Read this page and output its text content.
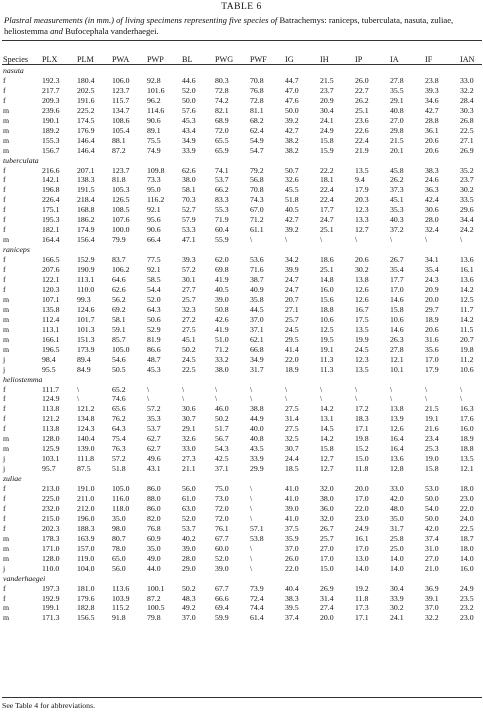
TABLE 6
Plastral measurements (in mm.) of living specimens representing five species of Batrachemys: raniceps, tuberculata, nasuta, zuliae, heliostemma and Bufocephala vanderhaegei.
Species	PLX	PLM	PWA	PWP	BL	PWG	PWF	IG	IH	IP	IA	IF	IAN
nasuta													
f	192.3	180.4	106.0	92.8	44.6	80.3	70.8	44.7	21.5	26.0	27.8	23.8	33.0
f	217.7	202.5	123.7	101.6	52.0	72.8	76.8	47.0	23.7	22.7	35.5	39.3	32.2
f	209.3	191.6	115.7	96.2	50.0	74.2	72.8	47.6	20.9	26.2	29.1	34.6	28.4
m	239.6	225.2	134.7	114.6	57.6	82.1	81.1	50.0	30.4	25.1	40.8	42.7	30.3
m	190.1	174.5	108.6	90.6	45.3	68.9	68.2	39.2	24.1	23.6	27.0	28.8	26.8
m	189.2	176.9	105.4	89.1	43.4	72.0	62.4	42.7	24.9	22.6	29.8	36.1	22.5
m	155.3	146.4	88.1	75.5	34.9	65.5	54.9	38.2	15.8	22.4	21.5	20.6	27.1
m	156.7	146.4	87.2	74.9	33.9	65.9	54.7	38.2	15.9	21.9	20.1	20.6	26.9
tuberculata													
f	216.6	207.1	123.7	109.8	62.6	74.1	79.2	50.7	22.2	13.5	45.8	38.3	35.2
f	142.1	138.3	81.8	73.3	38.0	53.7	56.8	32.6	18.1	9.4	26.2	24.6	23.7
f	196.8	191.5	105.3	95.0	58.1	66.2	70.8	45.5	22.4	17.9	37.3	36.3	30.2
f	226.4	218.4	126.5	116.2	70.3	83.3	74.3	51.8	22.4	20.3	45.1	42.4	33.5
f	175.1	168.8	108.5	92.1	52.7	55.3	67.0	40.5	17.7	12.3	35.3	30.6	29.6
f	195.3	186.2	107.6	95.6	57.9	71.9	71.2	42.7	24.7	13.3	40.3	28.0	34.4
f	182.1	174.9	100.0	90.6	53.3	60.4	61.1	39.2	25.1	12.7	37.2	32.4	24.2
m	164.4	156.4	79.9	66.4	47.1	55.9	\	\	\	\	\	\	\
raniceps													
f	166.5	152.9	83.7	77.5	39.3	62.0	53.6	34.2	18.6	20.6	26.7	34.1	13.6
f	207.6	190.9	106.2	92.1	57.2	69.8	71.6	39.9	25.1	30.2	35.4	35.4	16.1
f	122.1	113.1	64.6	58.5	30.1	41.9	38.7	24.7	14.8	13.8	17.7	24.3	13.6
f	120.3	110.0	62.6	54.4	27.7	40.5	40.9	24.7	16.0	12.6	17.0	20.9	14.2
m	107.1	99.3	56.2	52.0	25.7	39.0	35.8	20.7	15.6	12.6	14.6	20.0	12.5
m	135.8	124.6	69.2	64.3	32.3	50.8	44.5	27.1	18.8	16.7	15.8	29.7	11.7
m	112.4	101.7	58.1	50.6	27.2	42.6	37.0	25.7	10.6	17.5	10.6	18.9	14.2
m	113.1	101.3	59.1	52.9	27.5	41.9	37.1	24.5	12.5	13.5	14.6	20.6	11.5
m	166.1	151.3	85.7	81.9	45.1	51.0	62.1	29.5	19.5	19.9	26.3	31.6	20.7
m	196.5	173.9	105.0	86.6	50.2	71.2	66.8	41.4	19.1	24.5	27.8	35.6	19.8
j	98.4	89.4	54.6	48.7	24.5	33.2	34.9	22.0	11.3	12.3	12.1	17.0	11.2
j	95.5	84.9	50.5	45.3	22.5	38.0	31.7	18.9	11.3	13.5	10.1	17.9	10.6
heliostemma													
f	111.7	\	65.2	\	\	\	\	\	\	\	\	\	\
f	124.9	\	74.6	\	\	\	\	\	\	\	\	\	\
f	113.8	121.2	65.6	57.2	30.6	46.0	38.8	27.5	14.2	17.2	13.8	21.5	16.3
f	121.2	134.8	76.2	35.3	30.7	50.2	44.9	31.4	13.1	18.3	13.9	19.1	17.6
f	113.8	124.3	64.3	53.7	29.1	51.7	40.0	27.5	14.5	17.1	12.6	21.6	16.0
m	128.0	140.4	75.4	62.7	32.6	56.7	40.8	32.5	14.2	19.8	16.4	23.4	18.9
m	125.9	139.0	76.3	62.7	33.0	54.3	43.5	30.7	15.8	15.2	16.4	25.3	18.8
j	103.1	111.8	57.2	49.6	27.3	42.5	33.9	24.4	12.7	15.0	13.6	19.0	13.5
j	95.7	87.5	51.8	43.1	21.1	37.1	29.9	18.5	12.7	11.8	12.8	15.8	12.1
zuliae													
f	213.0	191.0	105.0	86.0	56.0	75.0	\	41.0	32.0	20.0	33.0	53.0	18.0
f	225.0	211.0	116.0	88.0	61.0	73.0	\	41.0	38.0	17.0	42.0	50.0	23.0
f	232.0	212.0	118.0	86.0	63.0	72.0	\	39.0	36.0	22.0	48.0	54.0	22.0
f	215.0	196.0	35.0	82.0	52.0	72.0	\	41.0	32.0	23.0	35.0	50.0	24.0
f	202.3	188.3	98.0	76.8	53.7	76.1	57.1	37.5	26.7	24.9	31.7	42.0	22.5
m	178.3	163.9	80.7	60.9	40.2	67.7	53.8	35.9	25.7	16.1	25.8	37.4	18.7
m	171.0	157.0	78.0	35.0	39.0	60.0	\	37.0	27.0	17.0	25.0	31.0	18.0
m	128.0	119.0	65.0	49.0	28.0	52.0	\	26.0	17.0	13.0	14.0	27.0	14.0
j	110.0	104.0	56.0	44.0	29.0	39.0	\	22.0	15.0	14.0	14.0	21.0	16.0
vanderhaegei													
f	197.3	181.0	113.6	100.1	50.2	67.7	73.9	40.4	26.9	19.2	30.4	36.9	24.9
f	192.9	179.6	103.9	87.2	48.3	66.6	72.4	38.3	31.4	11.8	33.9	39.1	23.5
m	199.1	182.8	115.2	100.5	49.2	69.4	74.4	39.5	27.4	17.3	30.2	37.0	23.2
m	171.3	156.5	91.8	79.8	37.0	59.9	61.4	37.4	20.0	17.1	24.1	32.2	23.0
See Table 4 for abbreviations.
